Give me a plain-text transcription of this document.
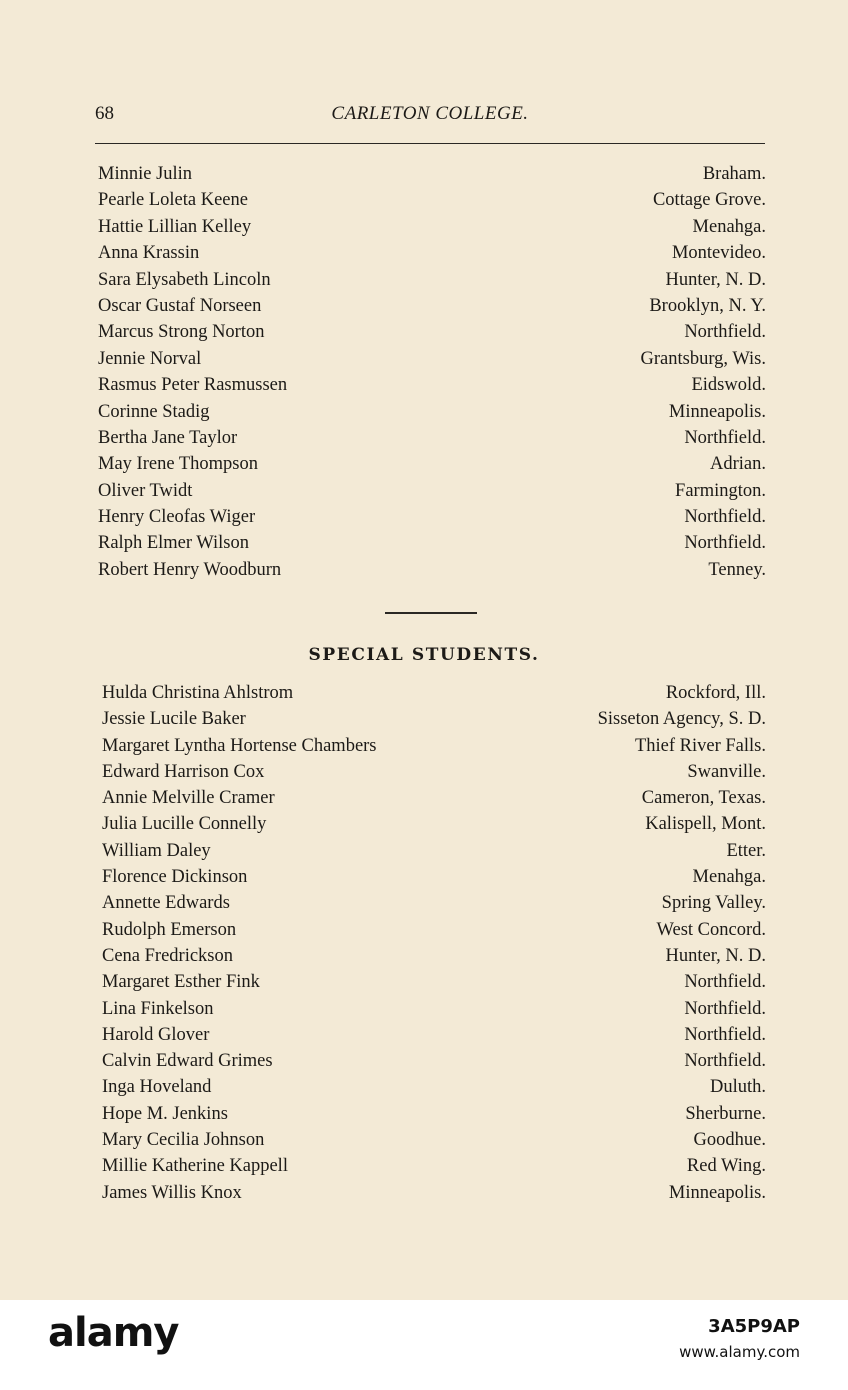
68	CARLETON COLLEGE.
Minnie Julin	Braham.
Pearle Loleta Keene	Cottage Grove.
Hattie Lillian Kelley	Menahga.
Anna Krassin	Montevideo.
Sara Elysabeth Lincoln	Hunter, N. D.
Oscar Gustaf Norseen	Brooklyn, N. Y.
Marcus Strong Norton	Northfield.
Jennie Norval	Grantsburg, Wis.
Rasmus Peter Rasmussen	Eidswold.
Corinne Stadig	Minneapolis.
Bertha Jane Taylor	Northfield.
May Irene Thompson	Adrian.
Oliver Twidt	Farmington.
Henry Cleofas Wiger	Northfield.
Ralph Elmer Wilson	Northfield.
Robert Henry Woodburn	Tenney.
SPECIAL STUDENTS.
Hulda Christina Ahlstrom	Rockford, Ill.
Jessie Lucile Baker	Sisseton Agency, S. D.
Margaret Lyntha Hortense Chambers	Thief River Falls.
Edward Harrison Cox	Swanville.
Annie Melville Cramer	Cameron, Texas.
Julia Lucille Connelly	Kalispell, Mont.
William Daley	Etter.
Florence Dickinson	Menahga.
Annette Edwards	Spring Valley.
Rudolph Emerson	West Concord.
Cena Fredrickson	Hunter, N. D.
Margaret Esther Fink	Northfield.
Lina Finkelson	Northfield.
Harold Glover	Northfield.
Calvin Edward Grimes	Northfield.
Inga Hoveland	Duluth.
Hope M. Jenkins	Sherburne.
Mary Cecilia Johnson	Goodhue.
Millie Katherine Kappell	Red Wing.
James Willis Knox	Minneapolis.
alamy	3A5P9AP
www.alamy.com
